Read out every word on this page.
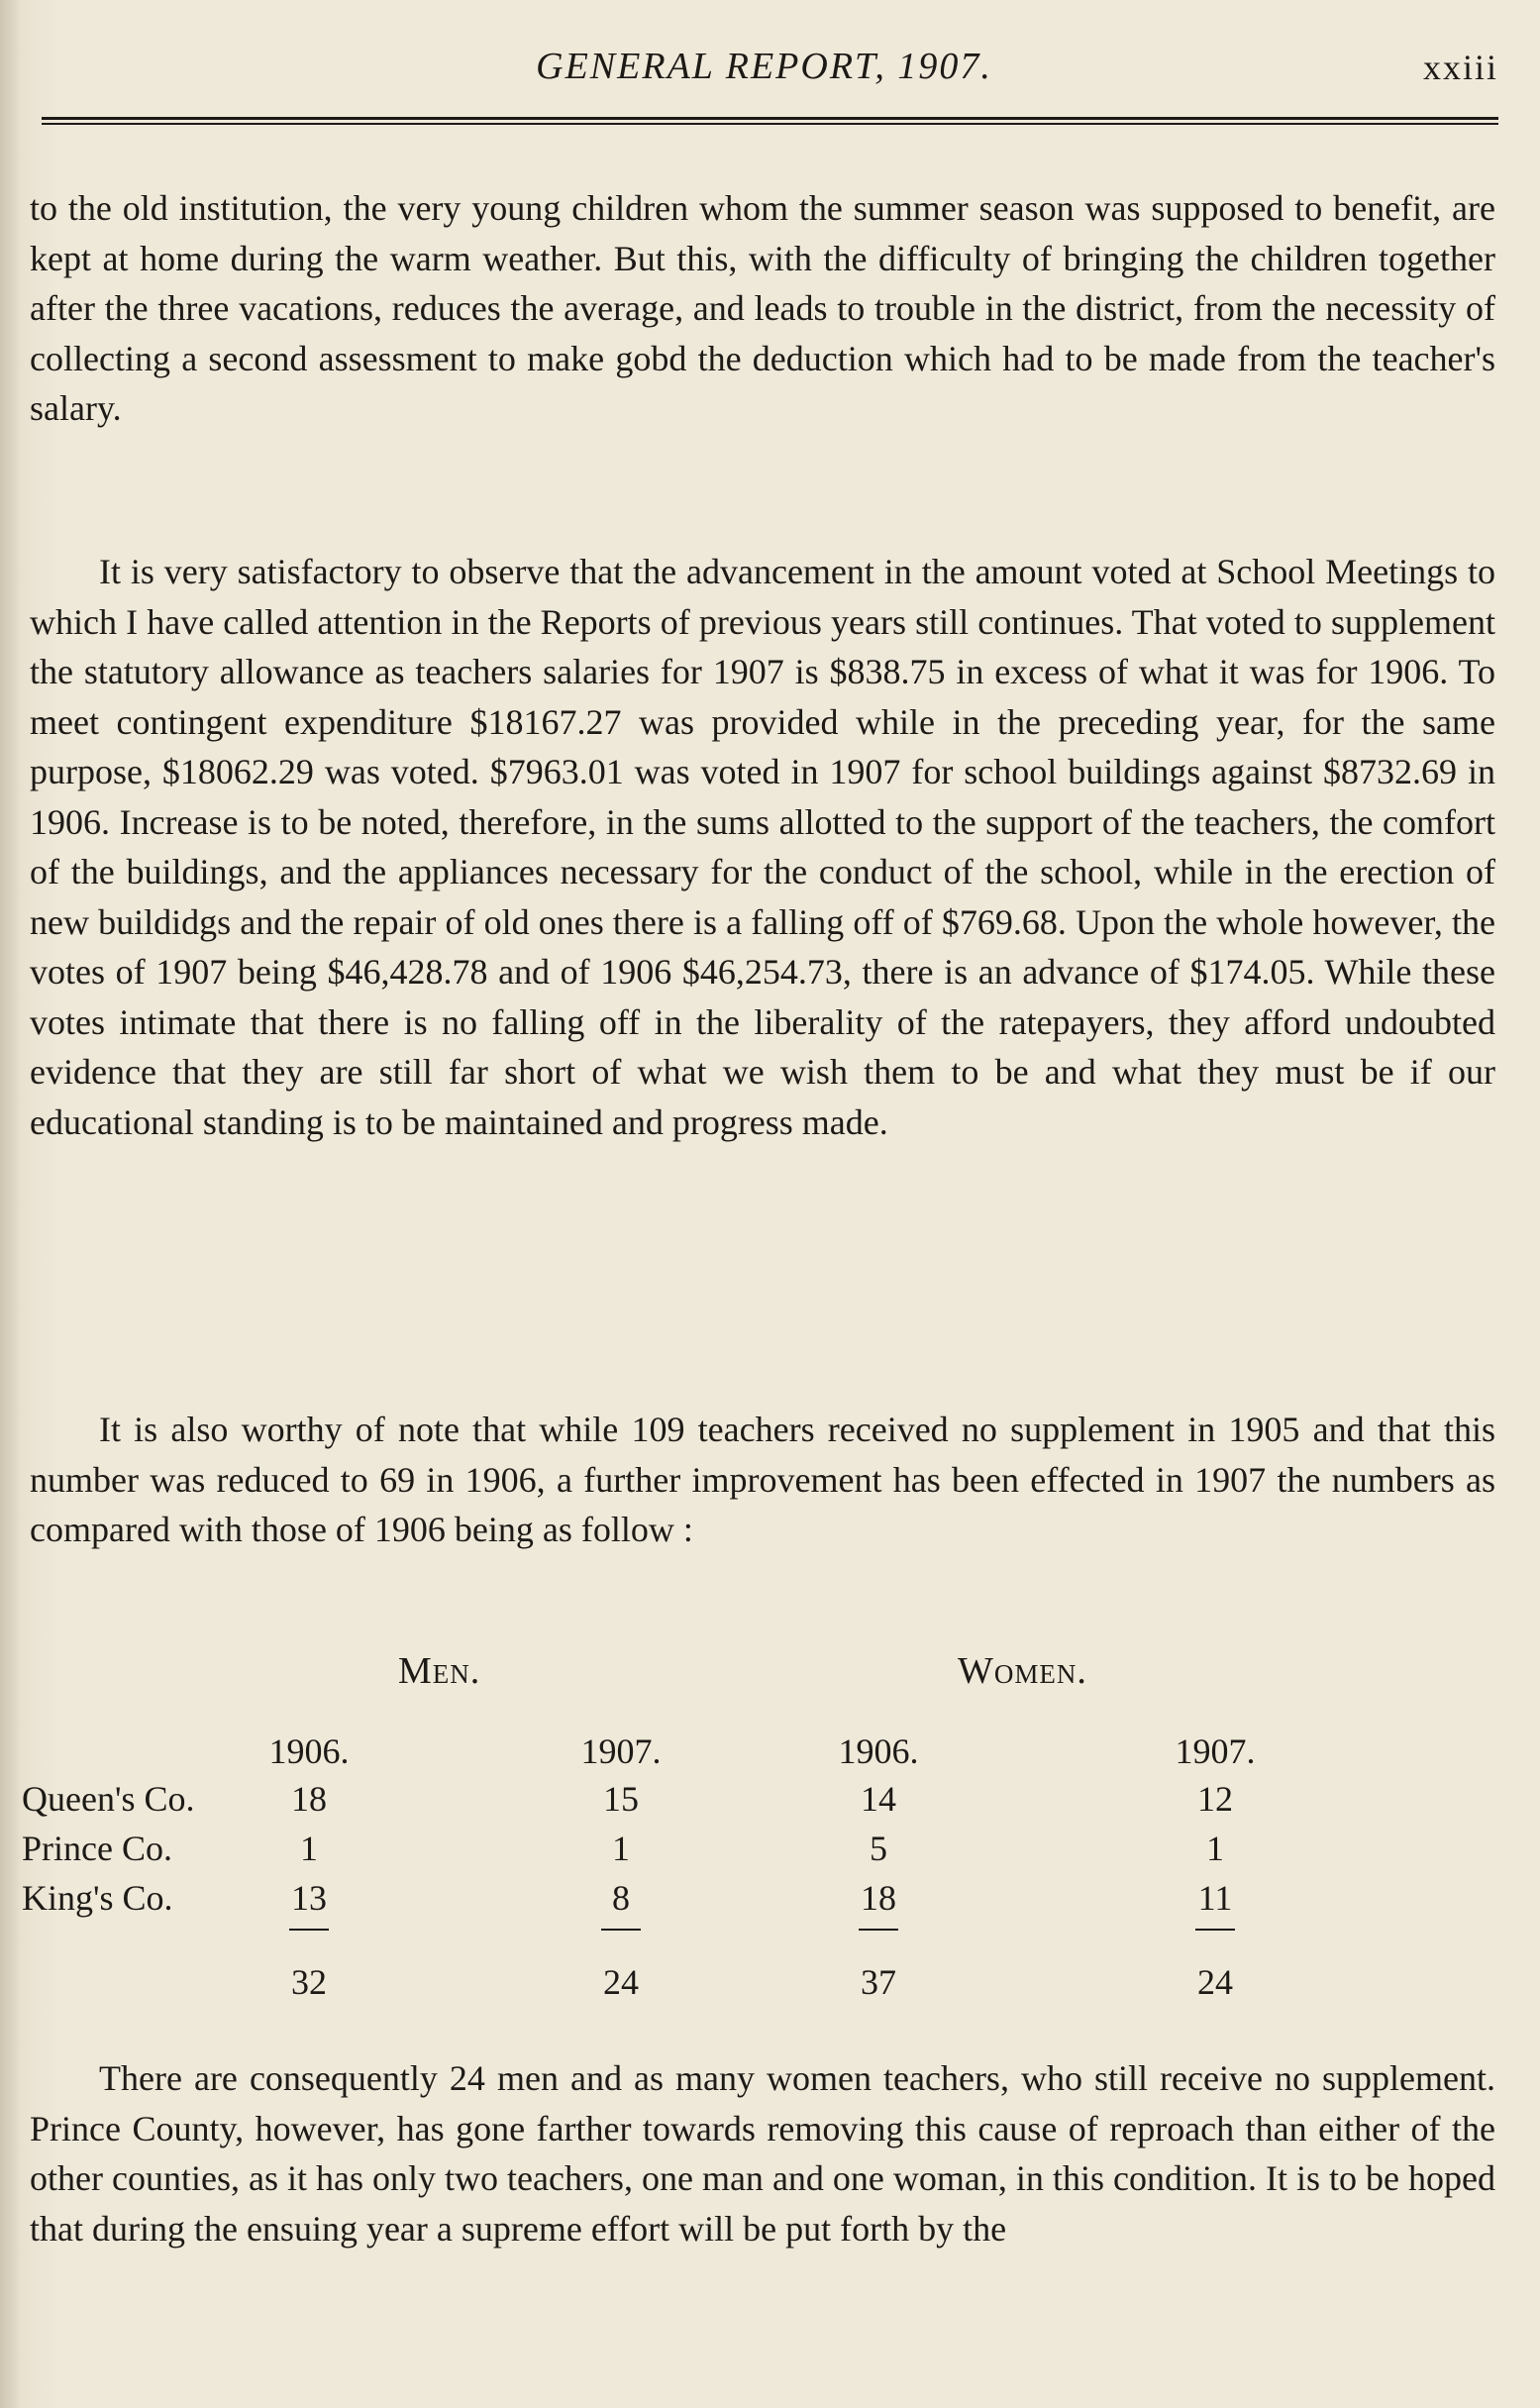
GENERAL REPORT, 1907.	xxiii

to the old institution, the very young children whom the summer season was supposed to benefit, are kept at home during the warm weather. But this, with the difficulty of bringing the children together after the three vacations, reduces the average, and leads to trouble in the district, from the necessity of collecting a second assessment to make gobd the deduction which had to be made from the teacher's salary.

It is very satisfactory to observe that the advancement in the amount voted at School Meetings to which I have called attention in the Reports of previous years still continues. That voted to supplement the statutory allowance as teachers salaries for 1907 is $838.75 in excess of what it was for 1906. To meet contingent expenditure $18167.27 was provided while in the preceding year, for the same purpose, $18062.29 was voted. $7963.01 was voted in 1907 for school buildings against $8732.69 in 1906. Increase is to be noted, therefore, in the sums allotted to the support of the teachers, the comfort of the buildings, and the appliances necessary for the conduct of the school, while in the erection of new buildidgs and the repair of old ones there is a falling off of $769.68. Upon the whole however, the votes of 1907 being $46,428.78 and of 1906 $46,254.73, there is an advance of $174.05. While these votes intimate that there is no falling off in the liberality of the ratepayers, they afford undoubted evidence that they are still far short of what we wish them to be and what they must be if our educational standing is to be maintained and progress made.

It is also worthy of note that while 109 teachers received no supplement in 1905 and that this number was reduced to 69 in 1906, a further improvement has been effected in 1907 the numbers as compared with those of 1906 being as follow :

Men.	Women.
1906.	1907.	1906.	1907.
Queen's Co.	18	15	14	12
Prince Co.	1	1	5	1
King's Co.	13	8	18	11
32	24	37	24

There are consequently 24 men and as many women teachers, who still receive no supplement. Prince County, however, has gone farther towards removing this cause of reproach than either of the other counties, as it has only two teachers, one man and one woman, in this condition. It is to be hoped that during the ensuing year a supreme effort will be put forth by the
